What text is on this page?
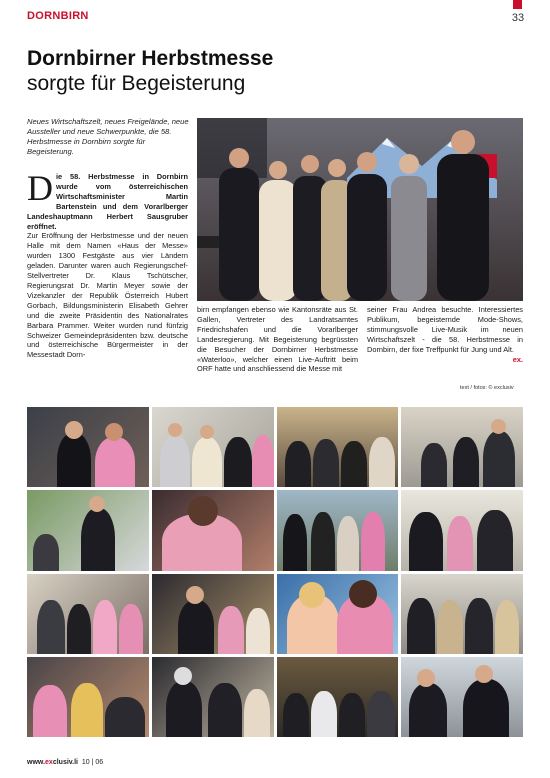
DORNBIRN	33
Dornbirner Herbstmesse
sorgte für Begeisterung
Neues Wirtschaftszelt, neues Freigelände, neue Aussteller und neue Schwerpunkte, die 58. Herbstmesse in Dornbirn sorgte für Begeisterung.
Die 58. Herbstmesse in Dornbirn wurde vom österreichischen Wirtschaftsminister Martin Bartenstein und dem Vorarlberger Landeshauptmann Herbert Sausgruber eröffnet.
Zur Eröffnung der Herbstmesse und der neuen Halle mit dem Namen «Haus der Messe» wurden 1300 Festgäste aus vier Ländern geladen. Darunter waren auch Regierungschef-Stellvertreter Dr. Klaus Tschütscher, Regierungsrat Dr. Martin Meyer sowie der Vizekanzler der Republik Österreich Hubert Gorbach, Bildungsministerin Elisabeth Gehrer und die zweite Präsidentin des Nationalrates Barbara Prammer. Weiter wurden rund fünfzig Schweizer Gemeindepräsidenten bzw. deutsche und österreichische Bürgermeister in der Messestadt Dorn-
birn empfangen ebenso wie Kantonsräte aus St. Gallen, Vertreter des Landratsamtes Friedrichshafen und die Vorarlberger Landesregierung. Mit Begeisterung begrüssten die Besucher der Dornbirner Herbstmesse «Waterloo», welcher einen Live-Auftritt beim ORF hatte und anschliessend die Messe mit
seiner Frau Andrea besuchte. Interessiertes Publikum, begeisternde Mode-Shows, stimmungsvolle Live-Musik im neuen Wirtschaftszelt - die 58. Herbstmesse in Dornbirn, der fixe Treffpunkt für Jung und Alt.
ex.
text / fotos: © exclusiv
www.exclusiv.li 10 | 06
